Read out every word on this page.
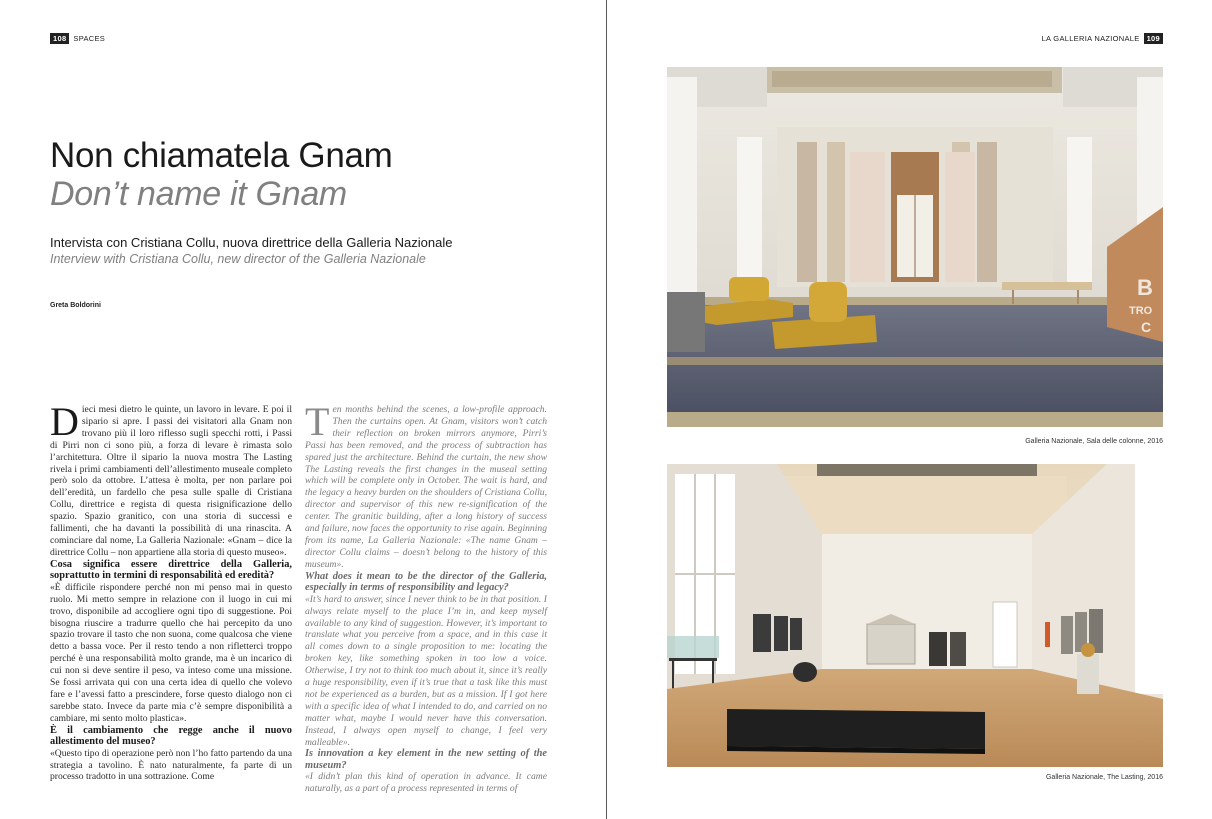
108 SPACES
Non chiamatela Gnam
Don’t name it Gnam
Intervista con Cristiana Collu, nuova direttrice della Galleria Nazionale
Interview with Cristiana Collu, new director of the Galleria Nazionale
Greta Boldorini

Dieci mesi dietro le quinte, un lavoro in levare. E poi il sipario si apre. I passi dei visitatori alla Gnam non trovano più il loro riflesso sugli specchi rotti, i Passi di Pirri non ci sono più, a forza di levare è rimasta solo l’architettura. Oltre il sipario la nuova mostra The Lasting rivela i primi cambiamenti dell’allestimento museale completo però solo da ottobre. L’attesa è molta, per non parlare poi dell’eredità, un fardello che pesa sulle spalle di Cristiana Collu, direttrice e regista di questa risignificazione dello spazio. Spazio granitico, con una storia di successi e fallimenti, che ha davanti la possibilità di una rinascita. A cominciare dal nome, La Galleria Nazionale: «Gnam – dice la direttrice Collu – non appartiene alla storia di questo museo».

Cosa significa essere direttrice della Galleria, soprattutto in termini di responsabilità ed eredità?

«È difficile rispondere perché non mi penso mai in questo ruolo. Mi metto sempre in relazione con il luogo in cui mi trovo, disponibile ad accogliere ogni tipo di suggestione. Poi bisogna riuscire a tradurre quello che hai percepito da uno spazio trovare il tasto che non suona, come qualcosa che viene detto a bassa voce. Per il resto tendo a non rifletterci troppo perché è una responsabilità molto grande, ma è un incarico di cui non si deve sentire il peso, va inteso come una missione. Se fossi arrivata qui con una certa idea di quello che volevo fare e l’avessi fatto a prescindere, forse questo dialogo non ci sarebbe stato. Invece da parte mia c’è sempre disponibilità a cambiare, mi sento molto plastica».

È il cambiamento che regge anche il nuovo allestimento del museo?

«Questo tipo di operazione però non l’ho fatto partendo da una strategia a tavolino. È nato naturalmente, fa parte di un processo tradotto in una sottrazione. Come

Ten months behind the scenes, a low-profile approach. Then the curtains open. At Gnam, visitors won’t catch their reflection on broken mirrors anymore, Pirri’s Passi has been removed, and the process of subtraction has spared just the architecture. Behind the curtain, the new show The Lasting reveals the first changes in the museal setting which will be complete only in October. The wait is hard, and the legacy a heavy burden on the shoulders of Cristiana Collu, director and supervisor of this new re-signification of the center. The granitic building, after a long history of success and failure, now faces the opportunity to rise again. Beginning from its name, La Galleria Nazionale: «The name Gnam – director Collu claims – doesn’t belong to the history of this museum».

What does it mean to be the director of the Galleria, especially in terms of responsibility and legacy?

«It’s hard to answer, since I never think to be in that position. I always relate myself to the place I’m in, and keep myself available to any kind of suggestion. However, it’s important to translate what you perceive from a space, and in this case it all comes down to a single proposition to me: locating the broken key, like something spoken in too low a voice. Otherwise, I try not to think too much about it, since it’s really a huge responsibility, even if it’s true that a task like this must not be experienced as a burden, but as a mission. If I got here with a specific idea of what I intended to do, and carried on no matter what, maybe I would never have this conversation. Instead, I always open myself to change, I feel very malleable».

Is innovation a key element in the new setting of the museum?

«I didn’t plan this kind of operation in advance. It came naturally, as a part of a process represented in terms of

LA GALLERIA NAZIONALE 109
B
TRO
C
Galleria Nazionale, Sala delle colonne, 2016
Galleria Nazionale, The Lasting, 2016
